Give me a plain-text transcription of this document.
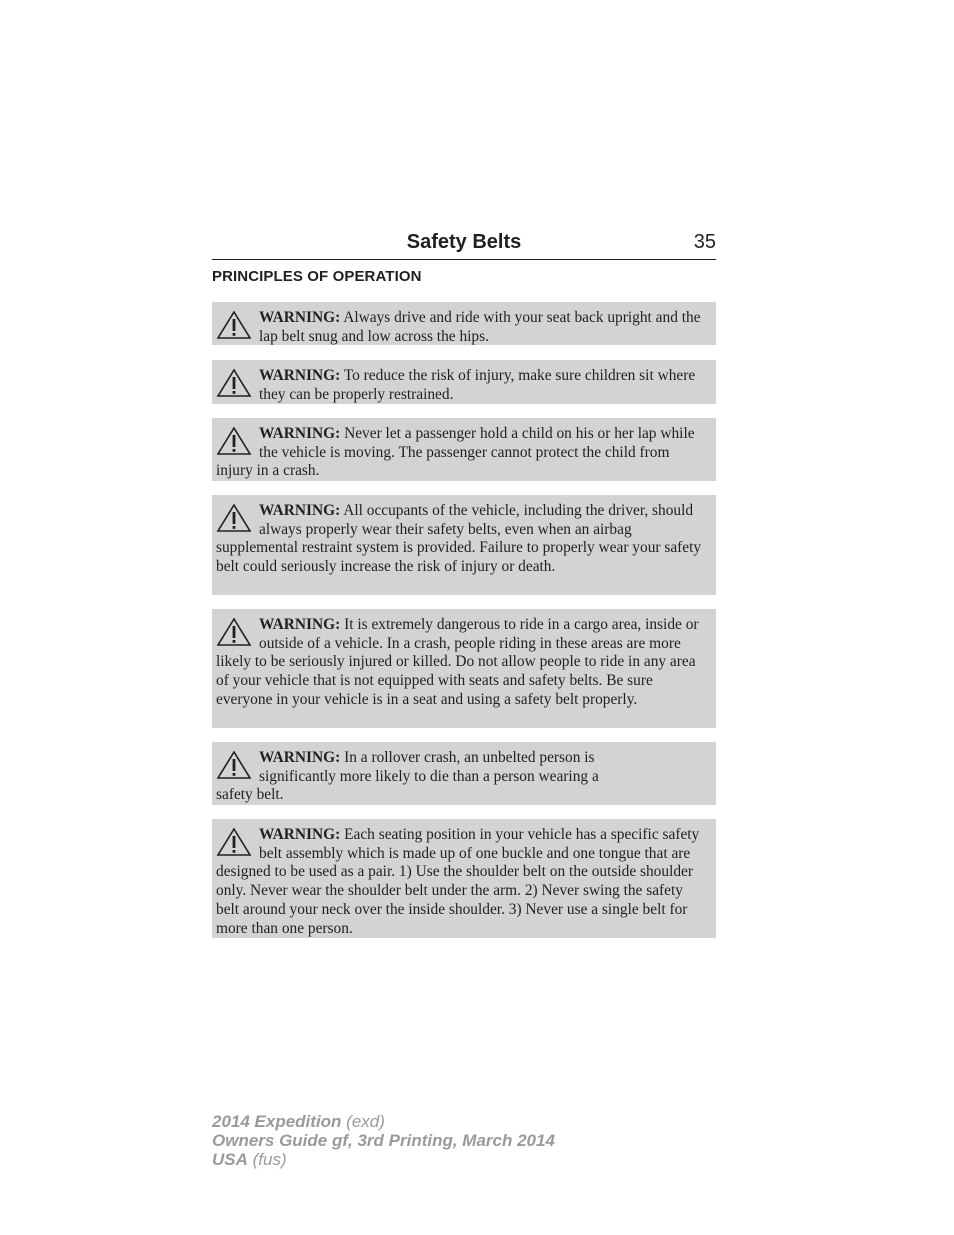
Safety Belts	35
PRINCIPLES OF OPERATION

WARNING: Always drive and ride with your seat back upright and the lap belt snug and low across the hips.

WARNING: To reduce the risk of injury, make sure children sit where they can be properly restrained.

WARNING: Never let a passenger hold a child on his or her lap while the vehicle is moving. The passenger cannot protect the child from injury in a crash.

WARNING: All occupants of the vehicle, including the driver, should always properly wear their safety belts, even when an airbag supplemental restraint system is provided. Failure to properly wear your safety belt could seriously increase the risk of injury or death.

WARNING: It is extremely dangerous to ride in a cargo area, inside or outside of a vehicle. In a crash, people riding in these areas are more likely to be seriously injured or killed. Do not allow people to ride in any area of your vehicle that is not equipped with seats and safety belts. Be sure everyone in your vehicle is in a seat and using a safety belt properly.

WARNING: In a rollover crash, an unbelted person is significantly more likely to die than a person wearing a safety belt.

WARNING: Each seating position in your vehicle has a specific safety belt assembly which is made up of one buckle and one tongue that are designed to be used as a pair. 1) Use the shoulder belt on the outside shoulder only. Never wear the shoulder belt under the arm. 2) Never swing the safety belt around your neck over the inside shoulder. 3) Never use a single belt for more than one person.

2014 Expedition (exd)
Owners Guide gf, 3rd Printing, March 2014
USA (fus)
